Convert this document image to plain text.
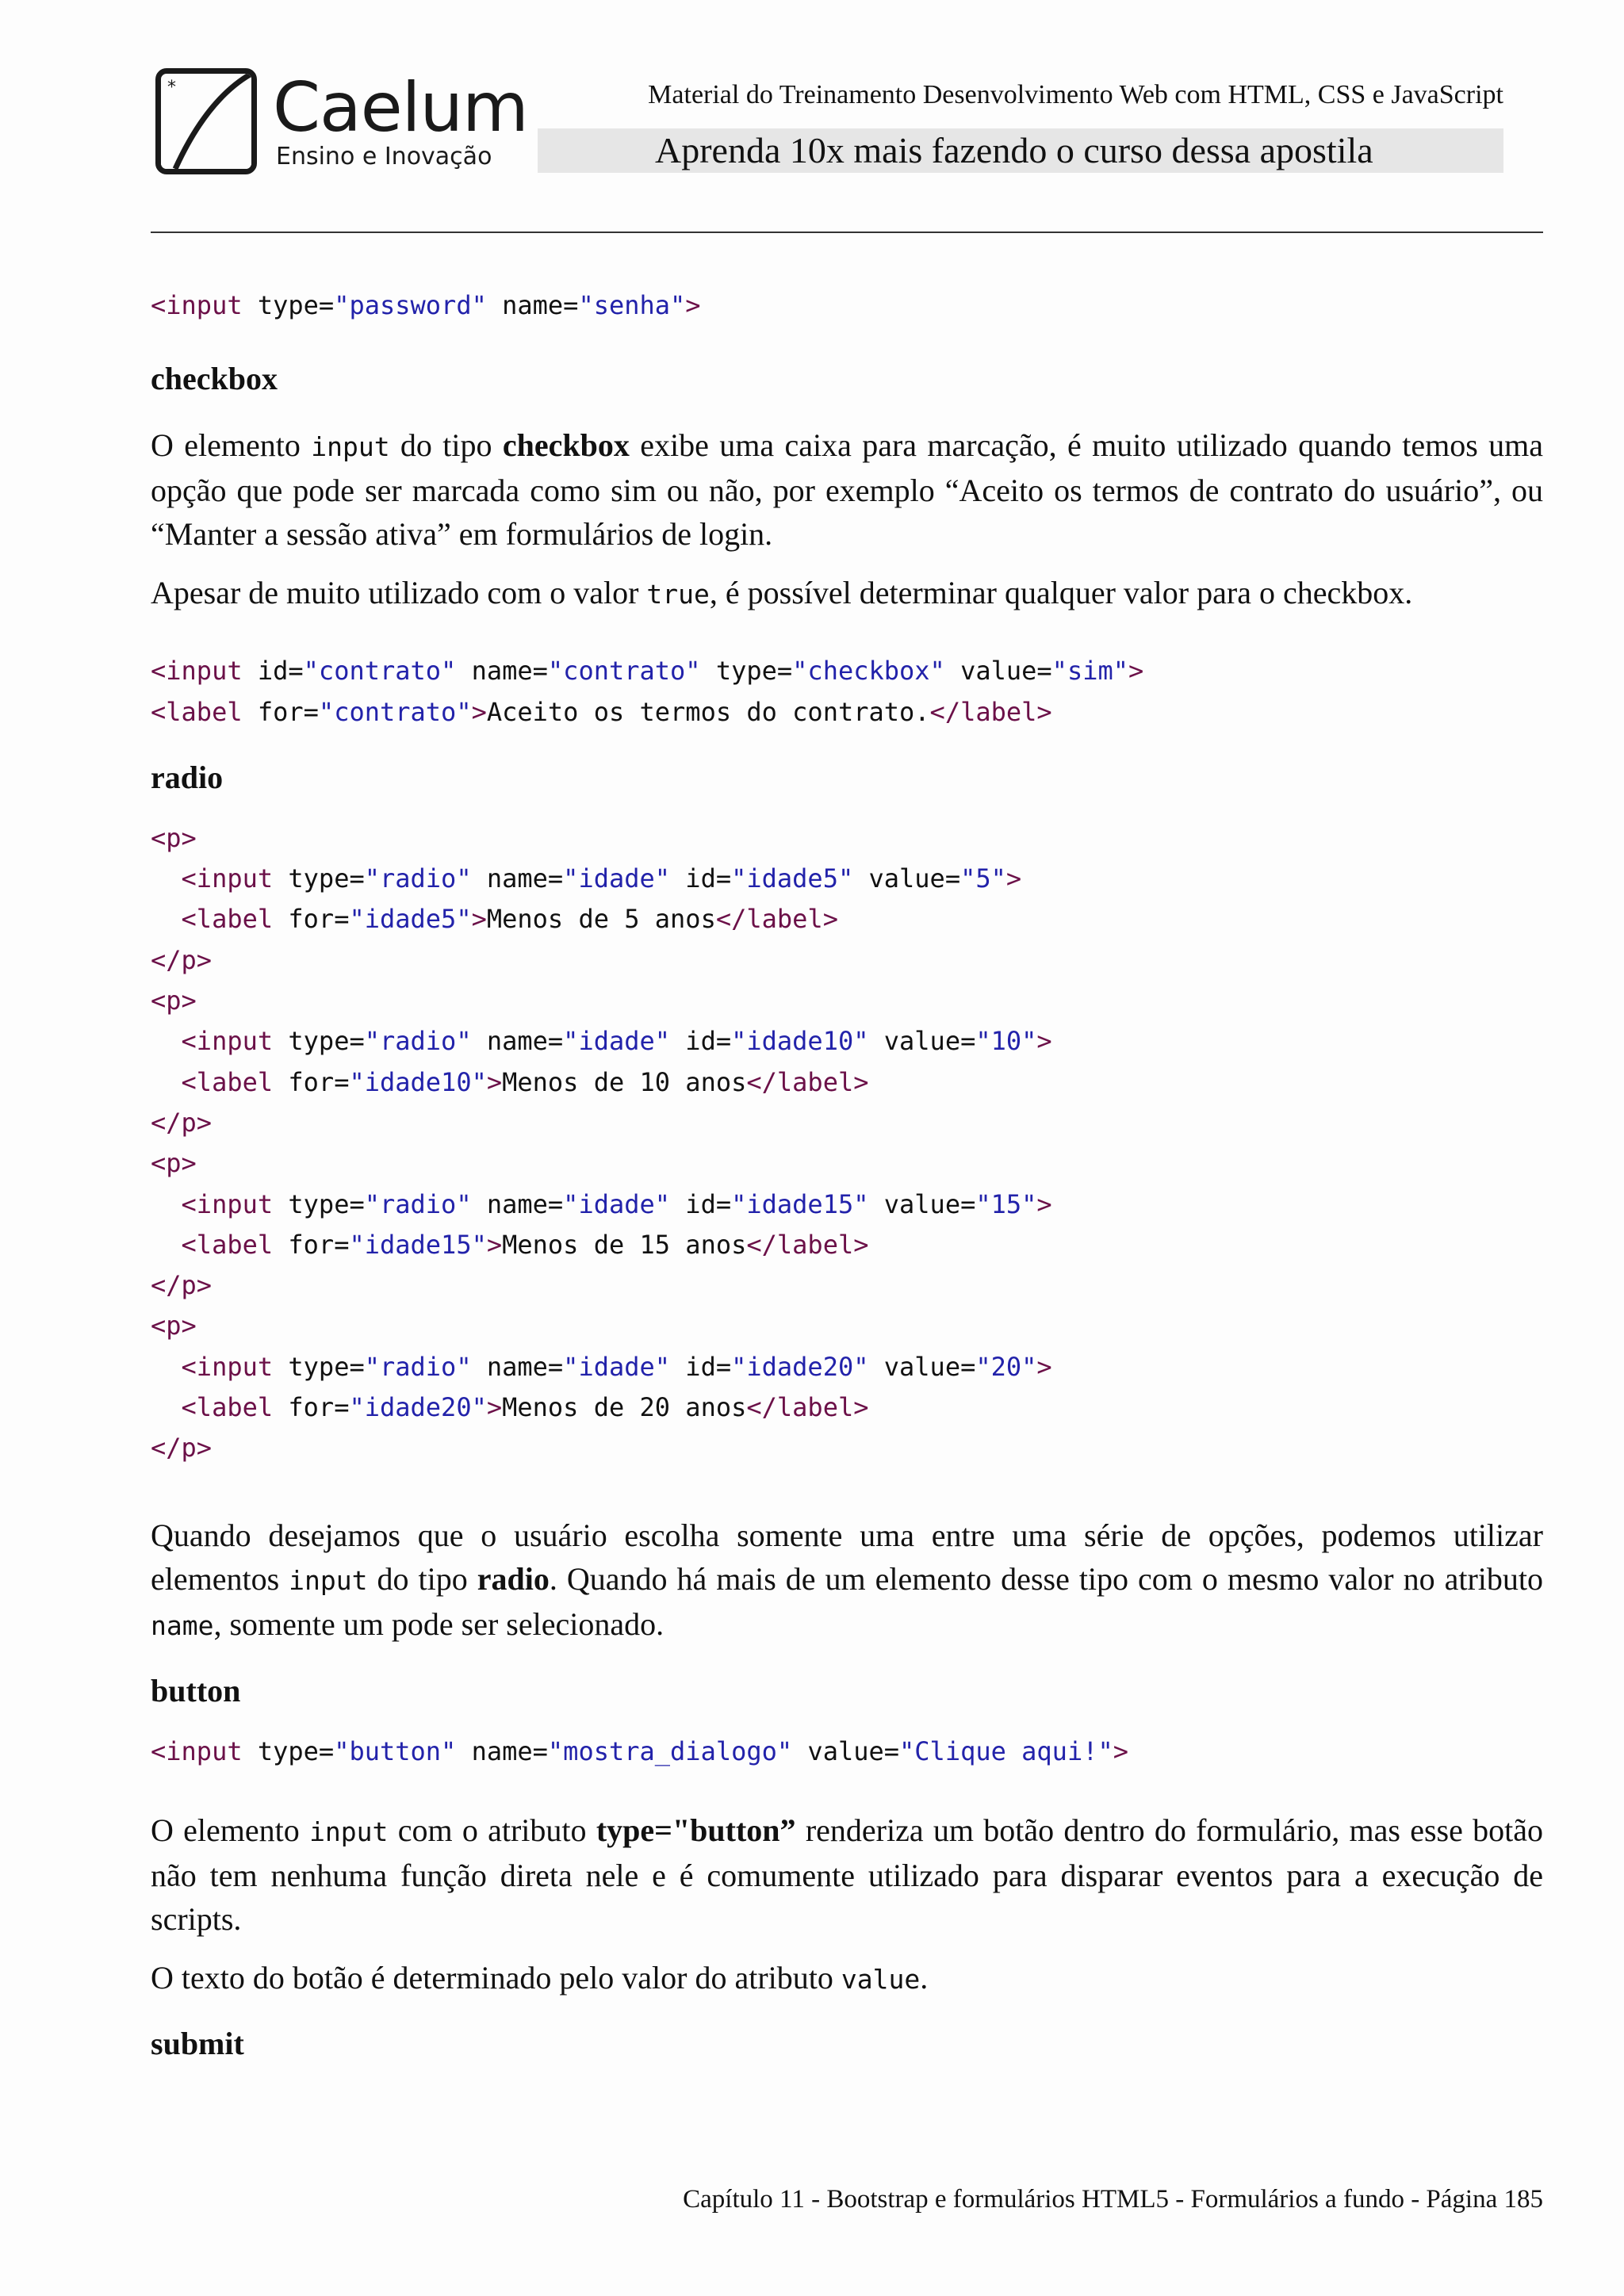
* Caelum
Ensino e Inovação
Material do Treinamento Desenvolvimento Web com HTML, CSS e JavaScript
Aprenda 10x mais fazendo o curso dessa apostila
<input type="password" name="senha">
checkbox

O elemento input do tipo checkbox exibe uma caixa para marcação, é muito utilizado quando temos uma opção que pode ser marcada como sim ou não, por exemplo “Aceito os termos de contrato do usuário”, ou “Manter a sessão ativa” em formulários de login.

Apesar de muito utilizado com o valor true, é possível determinar qualquer valor para o checkbox.

<input id="contrato" name="contrato" type="checkbox" value="sim">
<label for="contrato">Aceito os termos do contrato.</label>
radio
<p>
<input type="radio" name="idade" id="idade5" value="5">
<label for="idade5">Menos de 5 anos</label>
</p>
<p>
<input type="radio" name="idade" id="idade10" value="10">
<label for="idade10">Menos de 10 anos</label>
</p>
<p>
<input type="radio" name="idade" id="idade15" value="15">
<label for="idade15">Menos de 15 anos</label>
</p>
<p>
<input type="radio" name="idade" id="idade20" value="20">
<label for="idade20">Menos de 20 anos</label>
</p>

Quando desejamos que o usuário escolha somente uma entre uma série de opções, podemos utilizar elementos input do tipo radio. Quando há mais de um elemento desse tipo com o mesmo valor no atributo name, somente um pode ser selecionado.

button
<input type="button" name="mostra_dialogo" value="Clique aqui!">

O elemento input com o atributo type="button” renderiza um botão dentro do formulário, mas esse botão não tem nenhuma função direta nele e é comumente utilizado para disparar eventos para a execução de scripts.

O texto do botão é determinado pelo valor do atributo value.

submit
Capítulo 11 - Bootstrap e formulários HTML5 - Formulários a fundo - Página 185
